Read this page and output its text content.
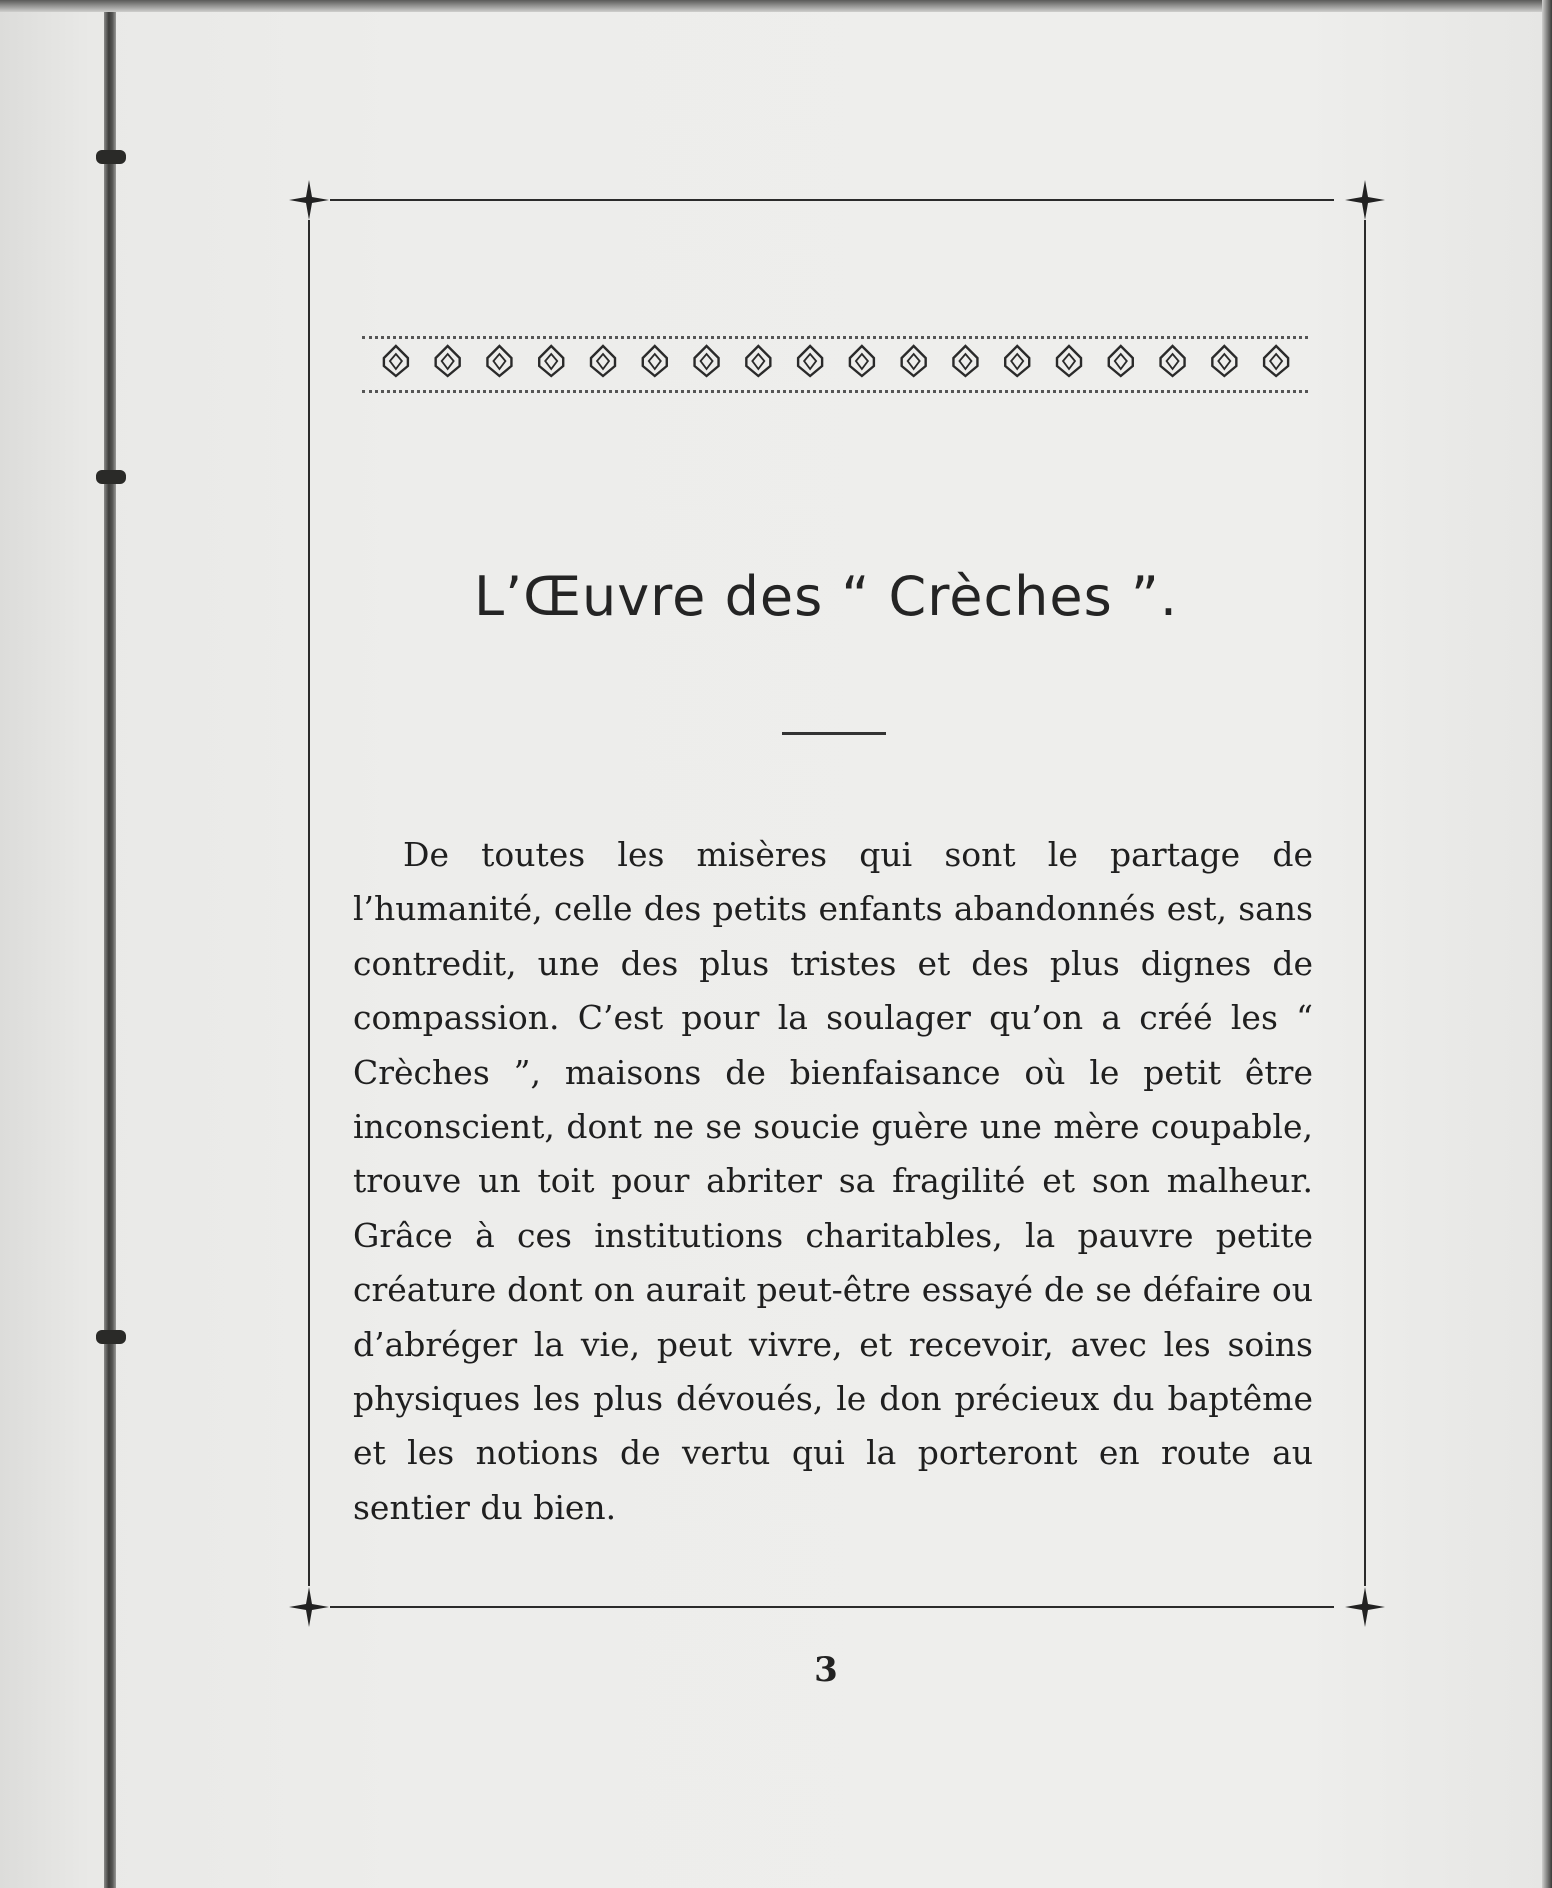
L’Œuvre des “ Crèches ”.

De toutes les misères qui sont le partage de l’humanité, celle des petits enfants abandonnés est, sans contredit, une des plus tristes et des plus dignes de compassion. C’est pour la soulager qu’on a créé les “ Crèches ”, maisons de bienfaisance où le petit être inconscient, dont ne se soucie guère une mère coupable, trouve un toit pour abriter sa fragilité et son malheur. Grâce à ces institutions charitables, la pauvre petite créature dont on aurait peut-être essayé de se défaire ou d’abréger la vie, peut vivre, et recevoir, avec les soins physiques les plus dévoués, le don précieux du baptême et les notions de vertu qui la porteront en route au sentier du bien.

3
